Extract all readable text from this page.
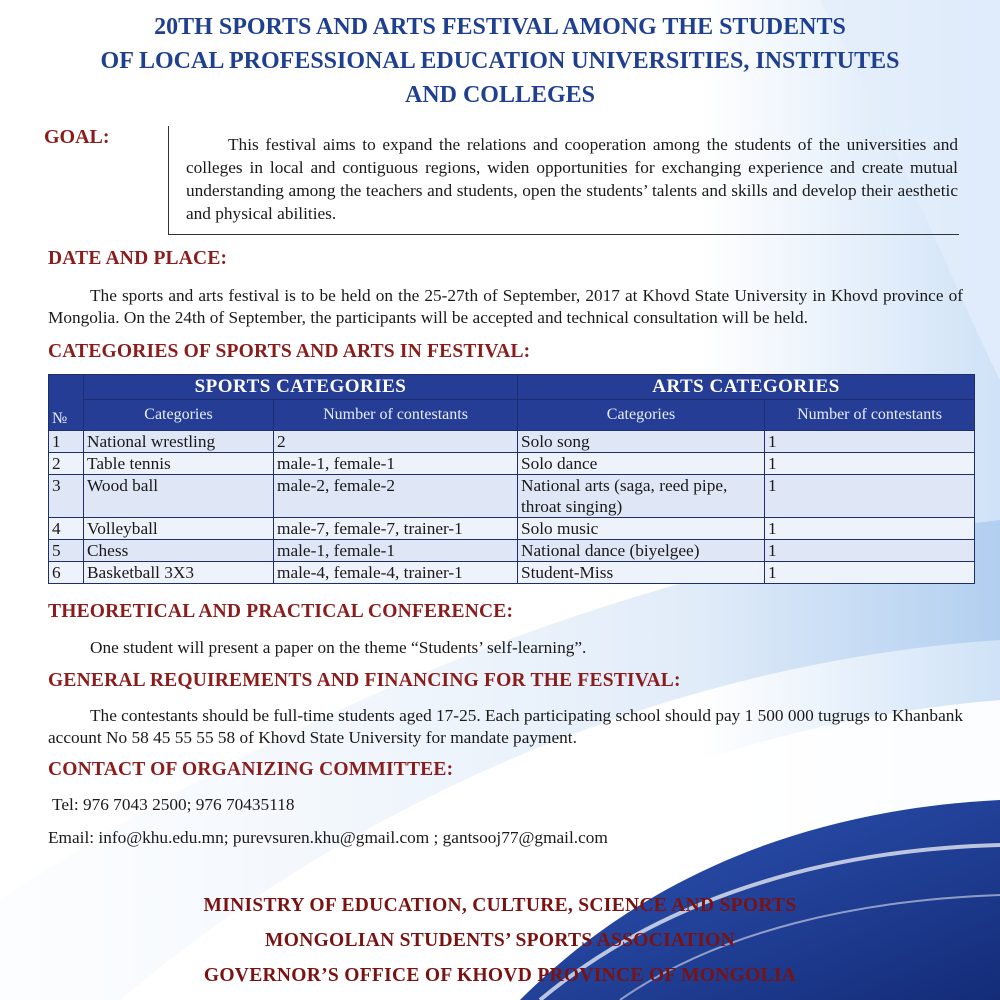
20TH SPORTS AND ARTS FESTIVAL AMONG THE STUDENTS
OF LOCAL PROFESSIONAL EDUCATION UNIVERSITIES, INSTITUTES
AND COLLEGES
GOAL:	This festival aims to expand the relations and cooperation among the students of the universities and colleges in local and contiguous regions, widen opportunities for exchanging experience and create mutual understanding among the teachers and students, open the students’ talents and skills and develop their aesthetic and physical abilities.
DATE AND PLACE:
The sports and arts festival is to be held on the 25-27th of September, 2017 at Khovd State University in Khovd province of Mongolia. On the 24th of September, the participants will be accepted and technical consultation will be held.
CATEGORIES OF SPORTS AND ARTS IN FESTIVAL:
№	SPORTS CATEGORIES		ARTS CATEGORIES	
	Categories	Number of contestants	Categories	Number of contestants
1	National wrestling	2	Solo song	1
2	Table tennis	male-1, female-1	Solo dance	1
3	Wood ball	male-2, female-2	National arts (saga, reed pipe, throat singing)	1
4	Volleyball	male-7, female-7, trainer-1	Solo music	1
5	Chess	male-1, female-1	National dance (biyelgee)	1
6	Basketball 3X3	male-4, female-4, trainer-1	Student-Miss	1
THEORETICAL AND PRACTICAL CONFERENCE:
One student will present a paper on the theme “Students’ self-learning”.
GENERAL REQUIREMENTS AND FINANCING FOR THE FESTIVAL:
The contestants should be full-time students aged 17-25. Each participating school should pay 1 500 000 tugrugs to Khanbank account No 58 45 55 55 58 of Khovd State University for mandate payment.
CONTACT OF ORGANIZING COMMITTEE:
Tel: 976 7043 2500; 976 70435118
Email: info@khu.edu.mn; purevsuren.khu@gmail.com ; gantsooj77@gmail.com
MINISTRY OF EDUCATION, CULTURE, SCIENCE AND SPORTS
MONGOLIAN STUDENTS’ SPORTS ASSOCIATION
GOVERNOR’S OFFICE OF KHOVD PROVINCE OF MONGOLIA
